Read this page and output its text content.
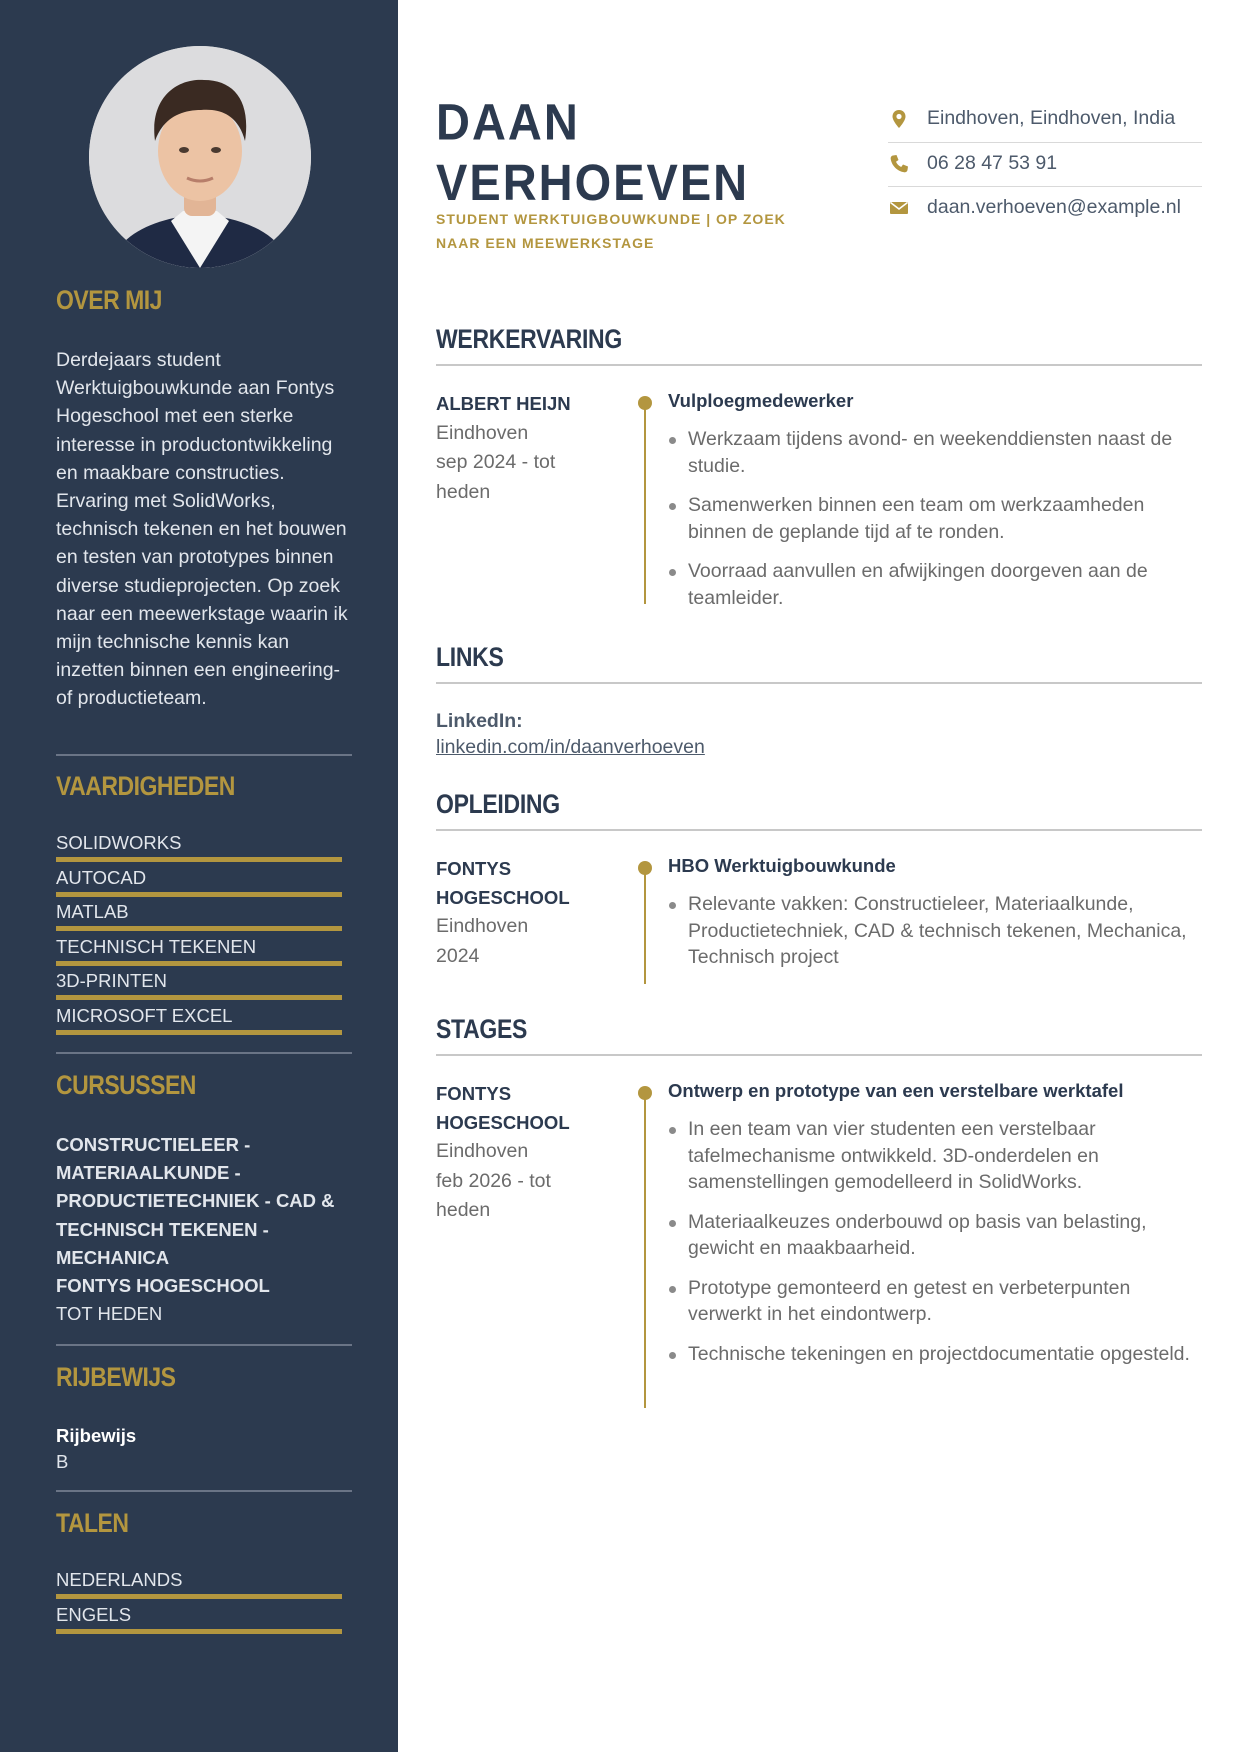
OVER MIJ
Derdejaars student Werktuigbouwkunde aan Fontys Hogeschool met een sterke interesse in productontwikkeling en maakbare constructies. Ervaring met SolidWorks, technisch tekenen en het bouwen en testen van prototypes binnen diverse studieprojecten. Op zoek naar een meewerkstage waarin ik mijn technische kennis kan inzetten binnen een engineering- of productieteam.
VAARDIGHEDEN
SOLIDWORKS
AUTOCAD
MATLAB
TECHNISCH TEKENEN
3D-PRINTEN
MICROSOFT EXCEL
CURSUSSEN
CONSTRUCTIELEER -
MATERIAALKUNDE -
PRODUCTIETECHNIEK - CAD &
TECHNISCH TEKENEN -
MECHANICA
FONTYS HOGESCHOOL
TOT HEDEN
RIJBEWIJS
Rijbewijs
B
TALEN
NEDERLANDS
ENGELS
DAAN
VERHOEVEN

STUDENT WERKTUIGBOUWKUNDE | OP ZOEK NAAR EEN MEEWERKSTAGE

Eindhoven, Eindhoven, India
06 28 47 53 91
daan.verhoeven@example.nl
WERKERVARING
ALBERT HEIJN
Eindhoven
sep 2024 - tot
heden
Vulploegmedewerker
Werkzaam tijdens avond- en weekenddiensten naast de studie.
Samenwerken binnen een team om werkzaamheden binnen de geplande tijd af te ronden.
Voorraad aanvullen en afwijkingen doorgeven aan de teamleider.
LINKS
LinkedIn:
linkedin.com/in/daanverhoeven
OPLEIDING
FONTYS
HOGESCHOOL
Eindhoven
2024
HBO Werktuigbouwkunde
Relevante vakken: Constructieleer, Materiaalkunde, Productietechniek, CAD & technisch tekenen, Mechanica, Technisch project
STAGES
FONTYS
HOGESCHOOL
Eindhoven
feb 2026 - tot
heden
Ontwerp en prototype van een verstelbare werktafel
In een team van vier studenten een verstelbaar tafelmechanisme ontwikkeld. 3D-onderdelen en samenstellingen gemodelleerd in SolidWorks.
Materiaalkeuzes onderbouwd op basis van belasting, gewicht en maakbaarheid.
Prototype gemonteerd en getest en verbeterpunten verwerkt in het eindontwerp.
Technische tekeningen en projectdocumentatie opgesteld.
